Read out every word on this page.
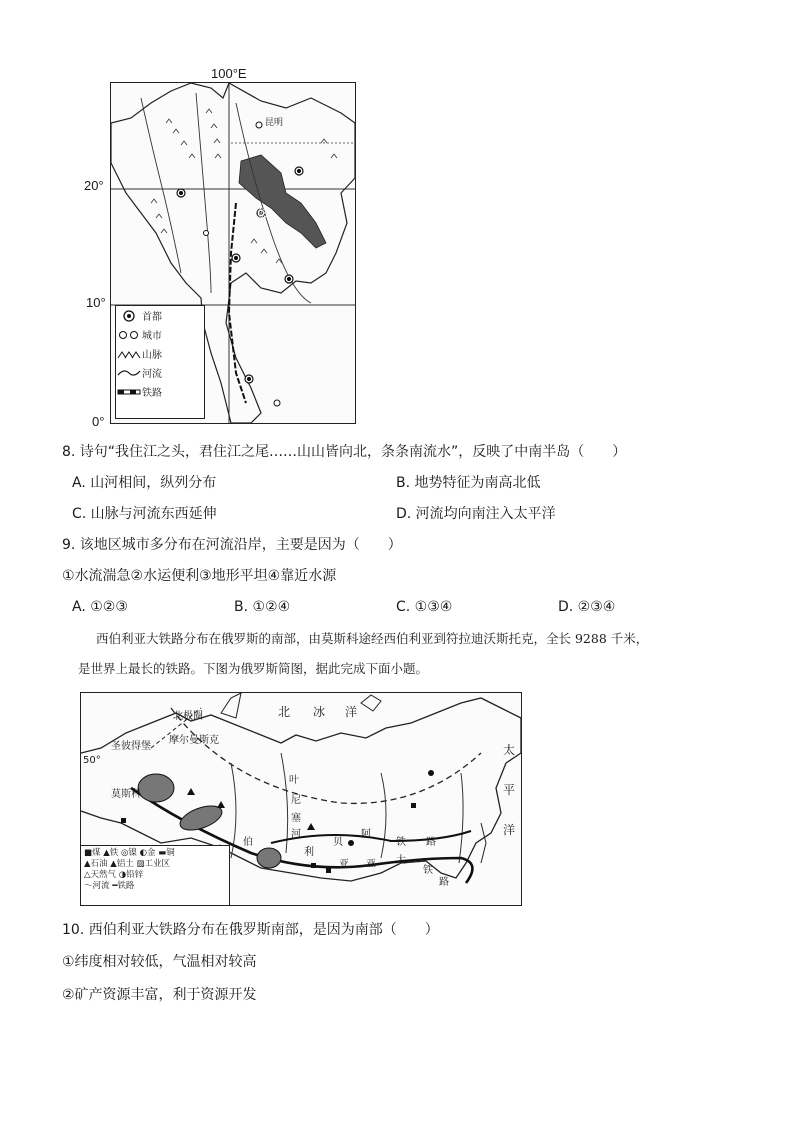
100°E
20°
10°
0°
昆明
万象
首都
城市
山脉
河流
铁路
8. 诗句“我住江之头，君住江之尾……山山皆向北，条条南流水”，反映了中南半岛（　　）
A. 山河相间，纵列分布	B. 地势特征为南高北低
C. 山脉与河流东西延伸	D. 河流均向南注入太平洋
9. 该地区城市多分布在河流沿岸，主要是因为（　　）
①水流湍急②水运便利③地形平坦④靠近水源
A. ①②③	B. ①②④	C. ①③④	D. ②③④
西伯利亚大铁路分布在俄罗斯的南部，由莫斯科途经西伯利亚到符拉迪沃斯托克，全长 9288 千米，
是世界上最长的铁路。下图为俄罗斯简图，据此完成下面小题。
北极圈	北 冰 洋
圣彼得堡
摩尔曼斯克
50°
莫斯科
叶
尼
塞
河
伯
利
亚
贝
阿
铁 路
亚 大
铁
路
太
平
洋
■煤 ▲铁 ◎镍 ◐金 ▬铜
▲石油 ▲铝土 ▨工业区
△天然气 ◑铅锌
～河流 ━铁路
10. 西伯利亚大铁路分布在俄罗斯南部，是因为南部（　　）
①纬度相对较低，气温相对较高
②矿产资源丰富，利于资源开发
